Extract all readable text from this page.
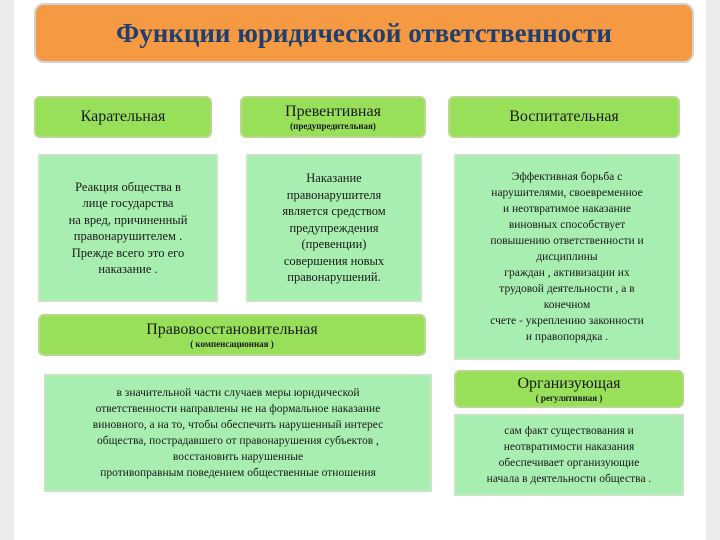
Функции юридической ответственности
Карательная	Превентивная
(предупредительная)
Воспитательная
Реакция общества в
лице государства
на вред, причиненный
правонарушителем .
Прежде всего это его
наказание .
Наказание
правонарушителя
является средством
предупреждения
(превенции)
совершения новых
правонарушений.
Эффективная борьба с
нарушителями, своевременное
и неотвратимое наказание
виновных способствует
повышению ответственности и
дисциплины
граждан , активизации их
трудовой деятельности , а в
конечном
счете - укреплению законности
и правопорядка .
Правовосстановительная
( компенсационная )
в значительной части случаев меры юридической
ответственности направлены не на формальное наказание
виновного, а на то, чтобы обеспечить нарушенный интерес
общества, пострадавшего от правонарушения субъектов ,
восстановить нарушенные
противоправным поведением общественные отношения
Организующая
( регулятивная )
сам факт существования и
неотвратимости наказания
обеспечивает организующие
начала в деятельности общества .
